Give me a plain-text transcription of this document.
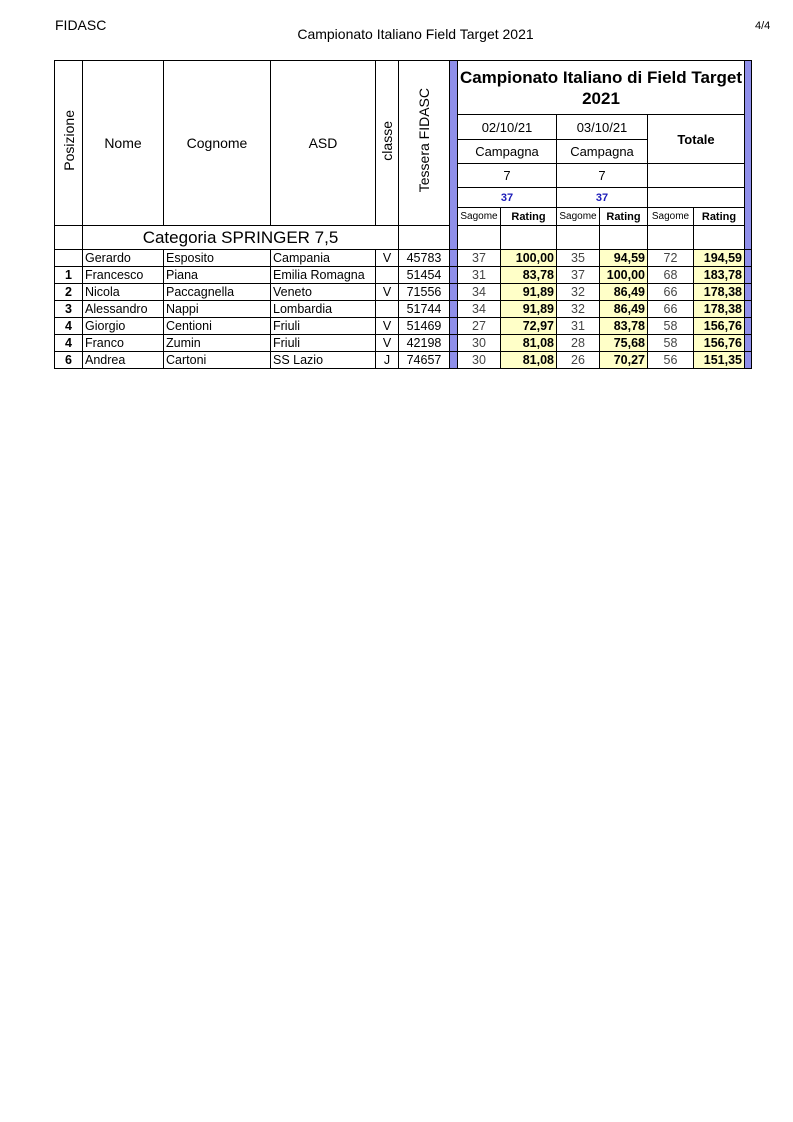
FIDASC
Campionato Italiano Field Target 2021	4/4
Posizione	Nome	Cognome	ASD	classe	Tessera FIDASC		Campionato Italiano di Field Target 2021						
							02/10/21		03/10/21		Totale		
							Campagna		Campagna				
							7		7				
							37		37				
							Sagome	Rating	Sagome	Rating	Sagome	Rating	
	Categoria SPRINGER 7,5												
	Gerardo	Esposito	Campania	V	45783		37	100,00	35	94,59	72	194,59	
1	Francesco	Piana	Emilia Romagna		51454		31	83,78	37	100,00	68	183,78	
2	Nicola	Paccagnella	Veneto	V	71556		34	91,89	32	86,49	66	178,38	
3	Alessandro	Nappi	Lombardia		51744		34	91,89	32	86,49	66	178,38	
4	Giorgio	Centioni	Friuli	V	51469		27	72,97	31	83,78	58	156,76	
4	Franco	Zumin	Friuli	V	42198		30	81,08	28	75,68	58	156,76	
6	Andrea	Cartoni	SS Lazio	J	74657		30	81,08	26	70,27	56	151,35	
